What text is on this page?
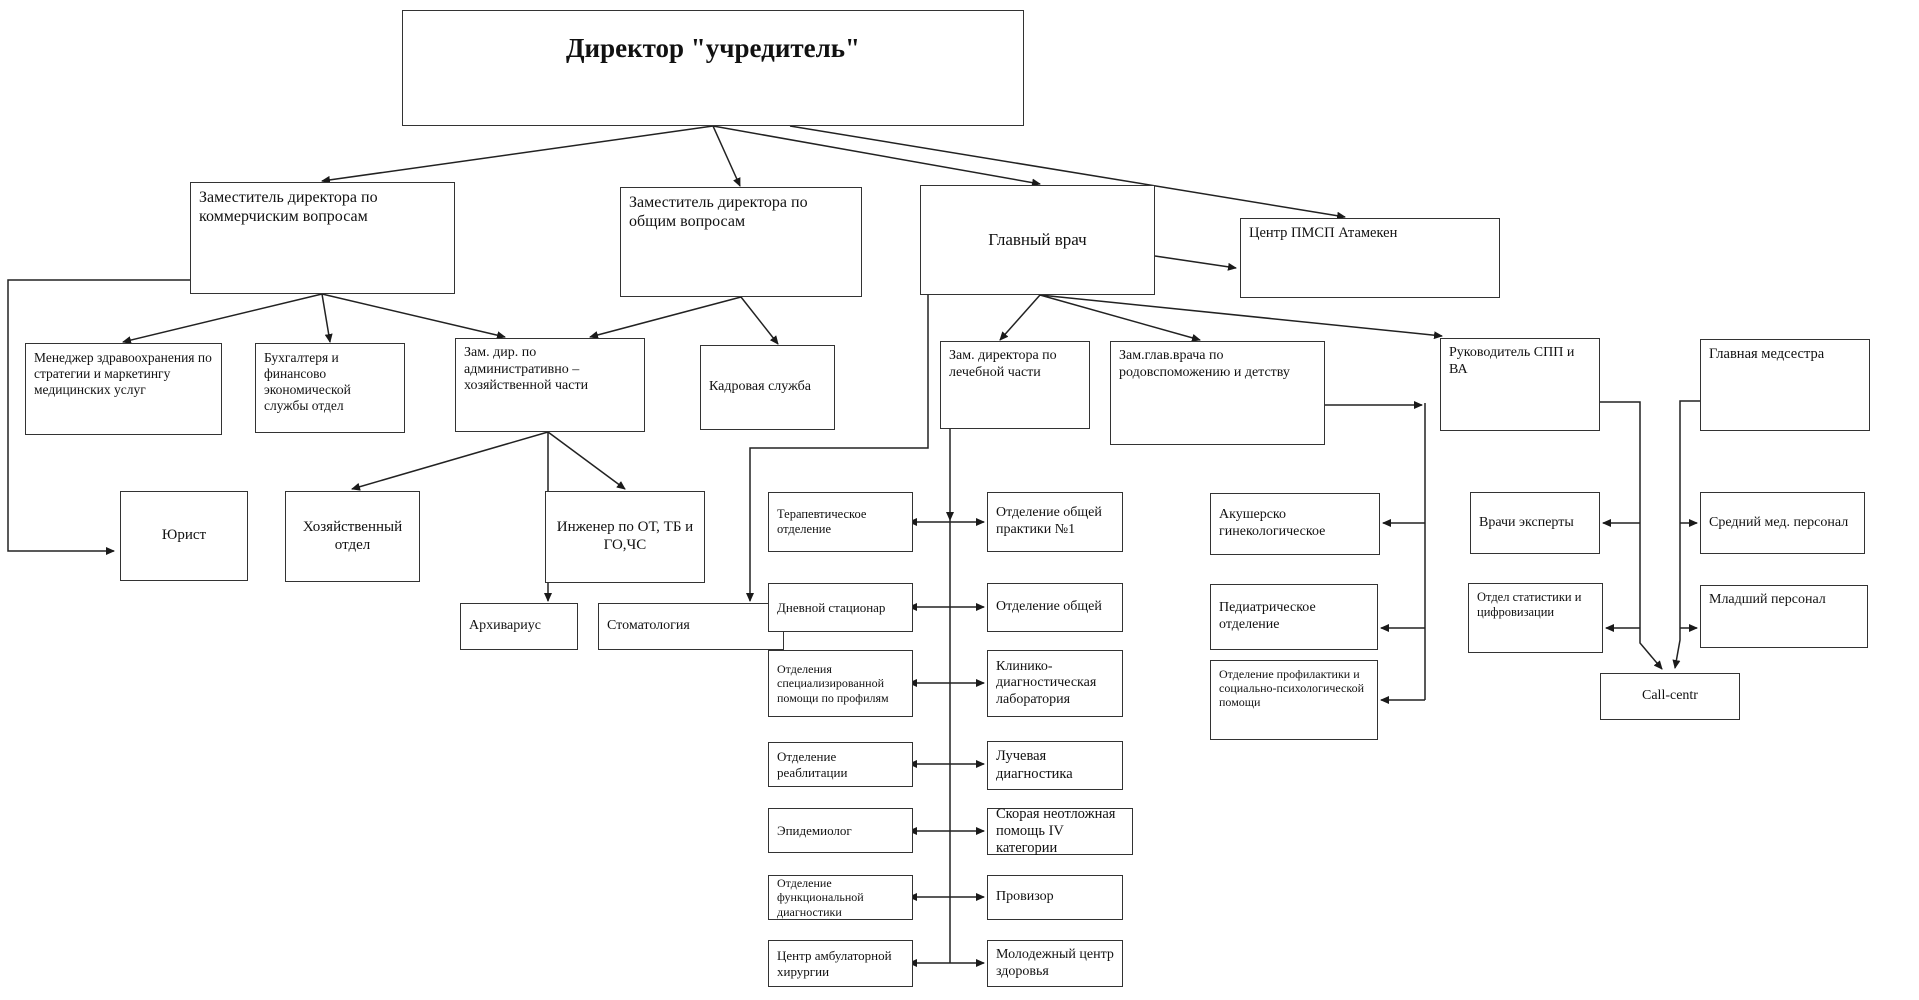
Директор "учредитель"
Заместитель директора по коммерчиским вопросам
Заместитель директора по общим вопросам
Главный врач	Центр ПМСП Атамекен
Менеджер здравоохранения по стратегии и маркетингу медицинских услуг
Бухгалтеря и финансово экономической службы отдел
Зам. дир. по административно – хозяйственной части	Кадровая служба
Зам. директора по лечебной части
Зам.глав.врача по родовспоможению и детству
Руководитель СПП и ВА
Главная медсестра
Юрист
Хозяйственный отдел
Инженер по ОТ, ТБ и ГО,ЧС
Архивариус	Стоматология
Терапевтическое отделение
Дневной стационар
Отделения специализированной помощи по профилям
Отделение реаблитации
Эпидемиолог
Отделение функциональной диагностики
Центр амбулаторной хирургии
Отделение общей практики №1
Отделение общей
Клинико-диагностическая лаборатория
Лучевая диагностика
Скорая неотложная помощь IV категории
Провизор
Молодежный центр здоровья
Акушерско гинекологическое
Педиатрическое отделение
Отделение профилактики и социально-психологической помощи
Врачи эксперты
Отдел статистики и цифровизации
Средний мед. персонал
Младший персонал
Call-centr
